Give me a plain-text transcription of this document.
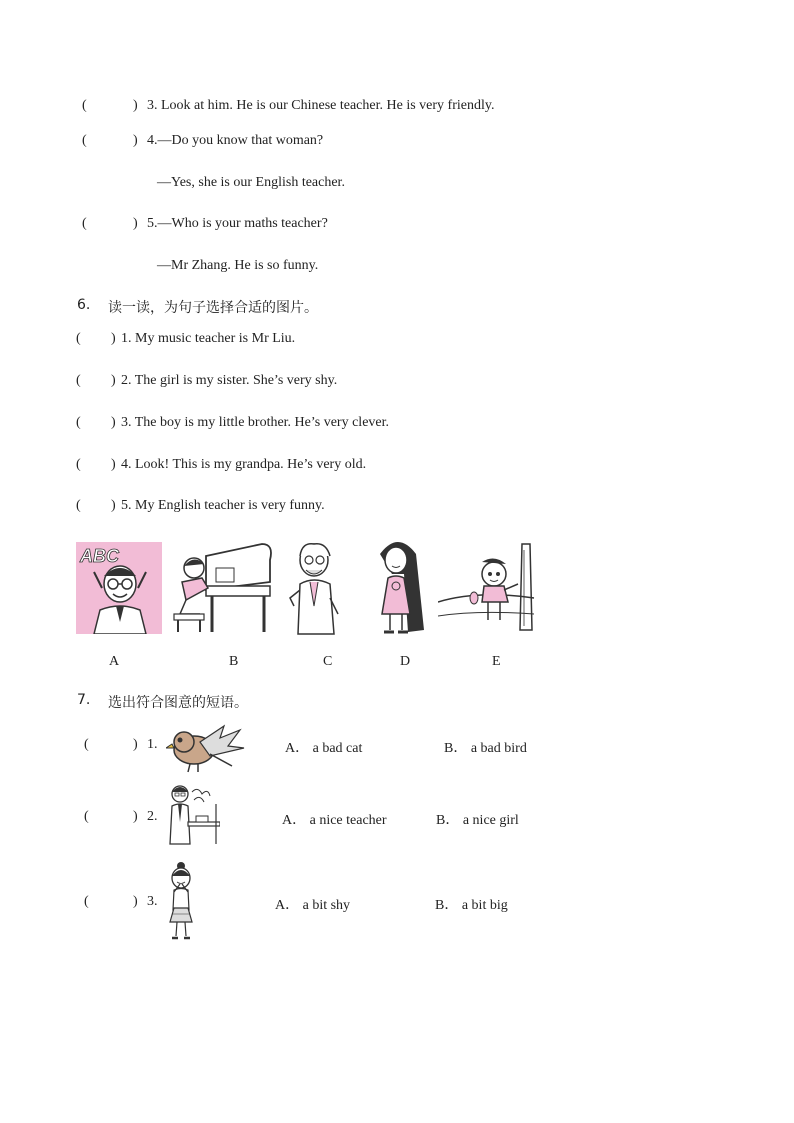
(	) 3. Look at him. He is our Chinese teacher. He is very friendly.
(	) 4.—Do you know that woman?
—Yes, she is our English teacher.
(	) 5.—Who is your maths teacher?
—Mr Zhang. He is so funny.
6. 读一读，为句子选择合适的图片。
( ) 1. My music teacher is Mr Liu.
( ) 2. The girl is my sister. She’s very shy.
( ) 3. The boy is my little brother. He’s very clever.
( ) 4. Look! This is my grandpa. He’s very old.
( ) 5. My English teacher is very funny.
ABC
A	B	C	D	E
7. 选出符合图意的短语。
(	) 1.	A． a bad cat	B． a bad bird
(	) 2.	A． a nice teacher	B． a nice girl
(	) 3.	A． a bit shy	B． a bit big
